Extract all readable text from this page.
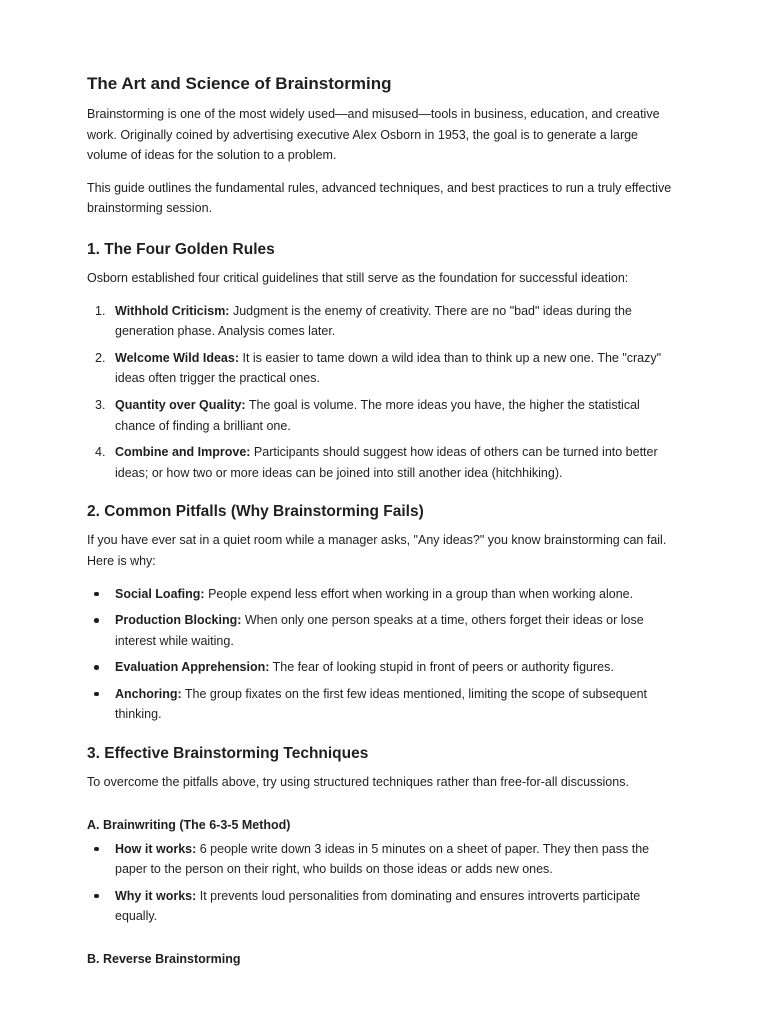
The Art and Science of Brainstorming

Brainstorming is one of the most widely used—and misused—tools in business, education, and creative work. Originally coined by advertising executive Alex Osborn in 1953, the goal is to generate a large volume of ideas for the solution to a problem.

This guide outlines the fundamental rules, advanced techniques, and best practices to run a truly effective brainstorming session.

1. The Four Golden Rules

Osborn established four critical guidelines that still serve as the foundation for successful ideation:

1. Withhold Criticism: Judgment is the enemy of creativity. There are no "bad" ideas during the generation phase. Analysis comes later.
2. Welcome Wild Ideas: It is easier to tame down a wild idea than to think up a new one. The "crazy" ideas often trigger the practical ones.
3. Quantity over Quality: The goal is volume. The more ideas you have, the higher the statistical chance of finding a brilliant one.
4. Combine and Improve: Participants should suggest how ideas of others can be turned into better ideas; or how two or more ideas can be joined into still another idea (hitchhiking).
2. Common Pitfalls (Why Brainstorming Fails)

If you have ever sat in a quiet room while a manager asks, "Any ideas?" you know brainstorming can fail. Here is why:

Social Loafing: People expend less effort when working in a group than when working alone.
Production Blocking: When only one person speaks at a time, others forget their ideas or lose interest while waiting.
Evaluation Apprehension: The fear of looking stupid in front of peers or authority figures.
Anchoring: The group fixates on the first few ideas mentioned, limiting the scope of subsequent thinking.
3. Effective Brainstorming Techniques

To overcome the pitfalls above, try using structured techniques rather than free-for-all discussions.

A. Brainwriting (The 6-3-5 Method)
How it works: 6 people write down 3 ideas in 5 minutes on a sheet of paper. They then pass the paper to the person on their right, who builds on those ideas or adds new ones.
Why it works: It prevents loud personalities from dominating and ensures introverts participate equally.
B. Reverse Brainstorming
